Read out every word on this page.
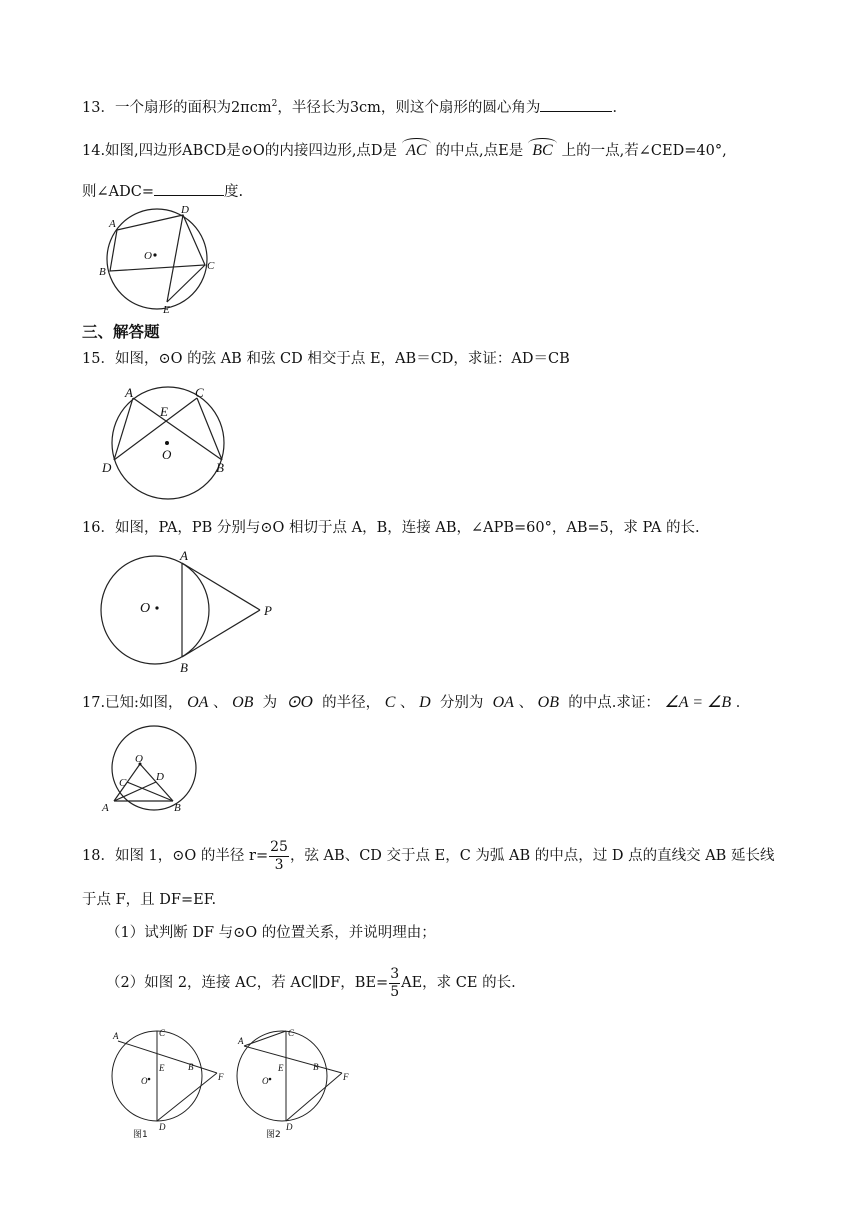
13．一个扇形的面积为2πcm$^2$，半径长为3cm，则这个扇形的圆心角为	．
14.如图,四边形ABCD是⊙O的内接四边形,点D是 AC 的中点,点E是 BC 上的一点,若∠CED=40°,
则∠ADC=	度.
A
D
C
B
E
O
三、解答题
15．如图，⊙O 的弦 AB 和弦 CD 相交于点 E，AB＝CD，求证：AD＝CB
A	C
E
O
D	B
16．如图，PA，PB 分别与⊙O 相切于点 A，B，连接 AB，∠APB=60°，AB=5，求 PA 的长.
A
B
P
O
17.已知:如图， OA 、 OB 为 ⊙O 的半径， C 、 D 分别为 OA 、 OB 的中点.求证： ∠A = ∠B ．
O
C	D
A	B
18．如图 1，⊙O 的半径 $r= \frac{25}{3}$ ，弦 AB、CD 交于点 E，C 为弧 AB 的中点，过 D 点的直线交 AB 延长线
于点 F，且 DF=EF.
（1）试判断 DF 与⊙O 的位置关系，并说明理由；
（2）如图 2，连接 AC，若 AC∥DF，$BE= \frac{3}{5}$ AE，求 CE 的长.
A	C
E	B
F
O
D
图1
A
C
E	B
F
O
D
图2
